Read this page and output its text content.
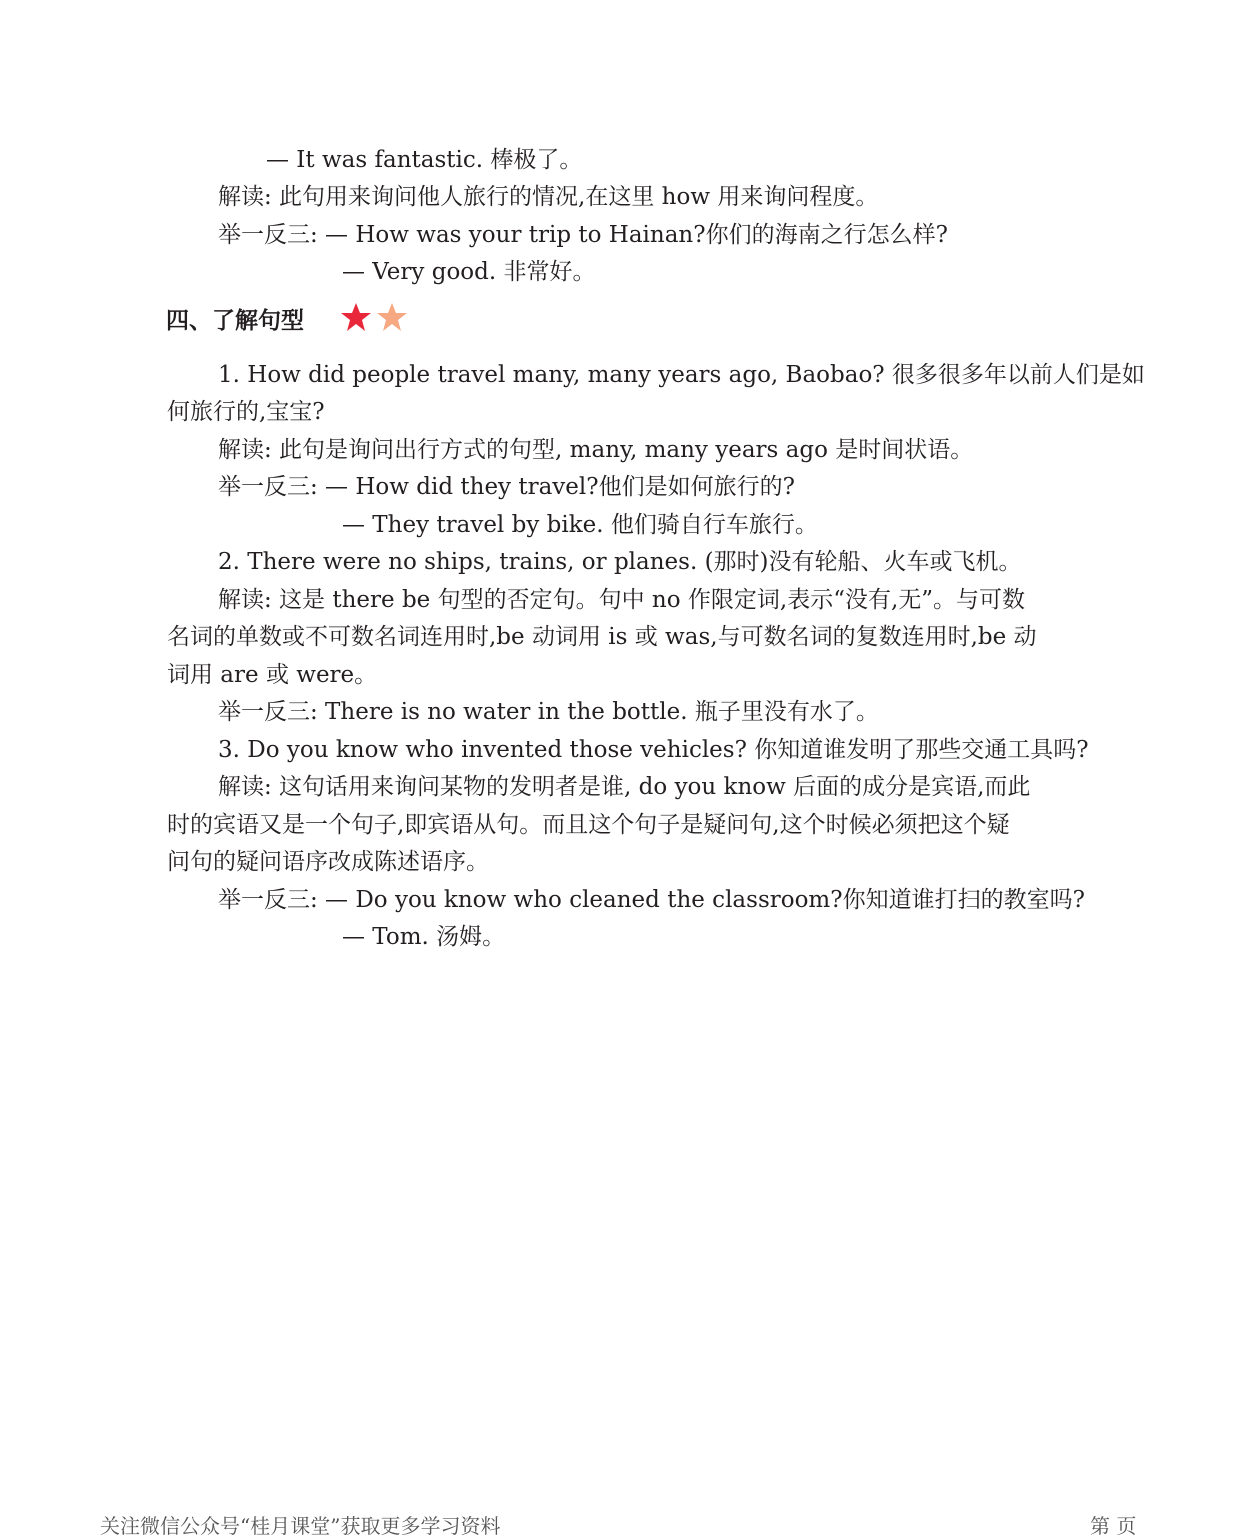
— It was fantastic. 棒极了。
解读: 此句用来询问他人旅行的情况,在这里 how 用来询问程度。
举一反三: — How was your trip to Hainan?你们的海南之行怎么样?
— Very good. 非常好。
四、了解句型
1. How did people travel many, many years ago, Baobao? 很多很多年以前人们是如
何旅行的,宝宝?
解读: 此句是询问出行方式的句型, many, many years ago 是时间状语。
举一反三: — How did they travel?他们是如何旅行的?
— They travel by bike. 他们骑自行车旅行。
2. There were no ships, trains, or planes. (那时)没有轮船、火车或飞机。
解读: 这是 there be 句型的否定句。句中 no 作限定词,表示“没有,无”。与可数
名词的单数或不可数名词连用时,be 动词用 is 或 was,与可数名词的复数连用时,be 动
词用 are 或 were。
举一反三: There is no water in the bottle. 瓶子里没有水了。
3. Do you know who invented those vehicles? 你知道谁发明了那些交通工具吗?
解读: 这句话用来询问某物的发明者是谁, do you know 后面的成分是宾语,而此
时的宾语又是一个句子,即宾语从句。而且这个句子是疑问句,这个时候必须把这个疑
问句的疑问语序改成陈述语序。
举一反三: — Do you know who cleaned the classroom?你知道谁打扫的教室吗?
— Tom. 汤姆。
关注微信公众号“桂月课堂”获取更多学习资料	第 页
